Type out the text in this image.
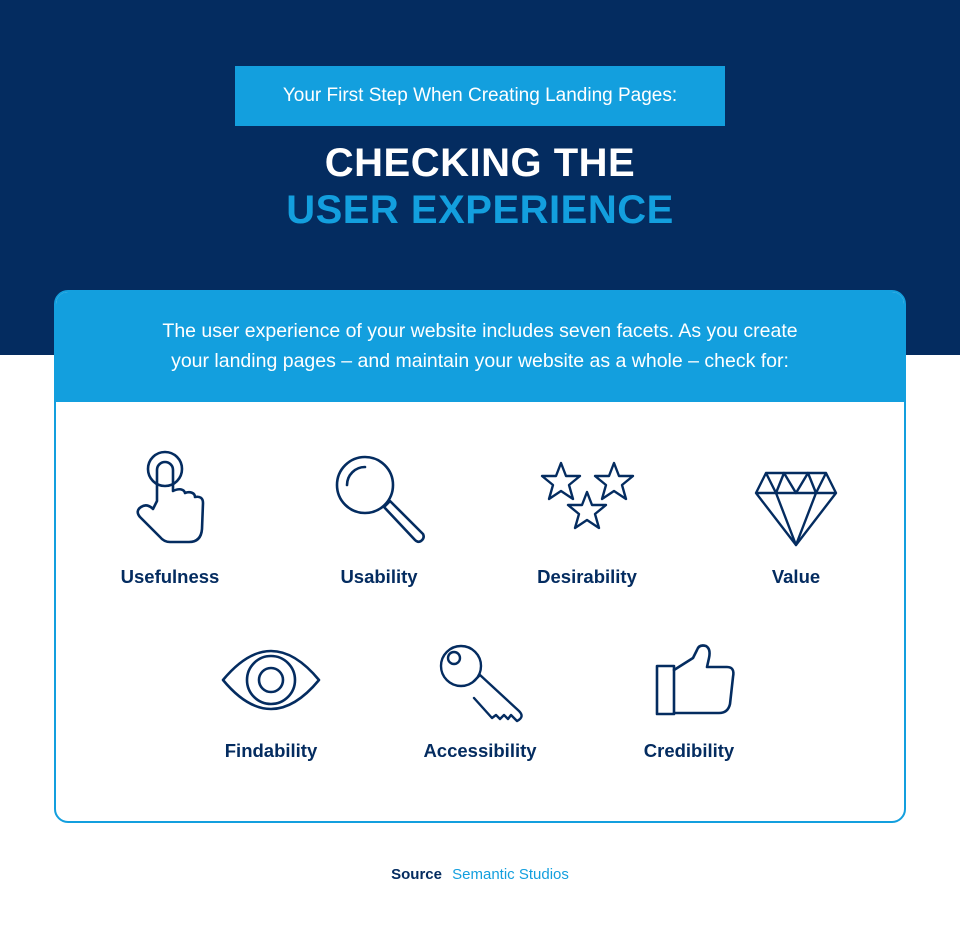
Your First Step When Creating Landing Pages:
CHECKING THE
USER EXPERIENCE
The user experience of your website includes seven facets. As you create
your landing pages – and maintain your website as a whole – check for:
Usefulness	Usability	Desirability	Value
Findability	Accessibility	Credibility
Source Semantic Studios
